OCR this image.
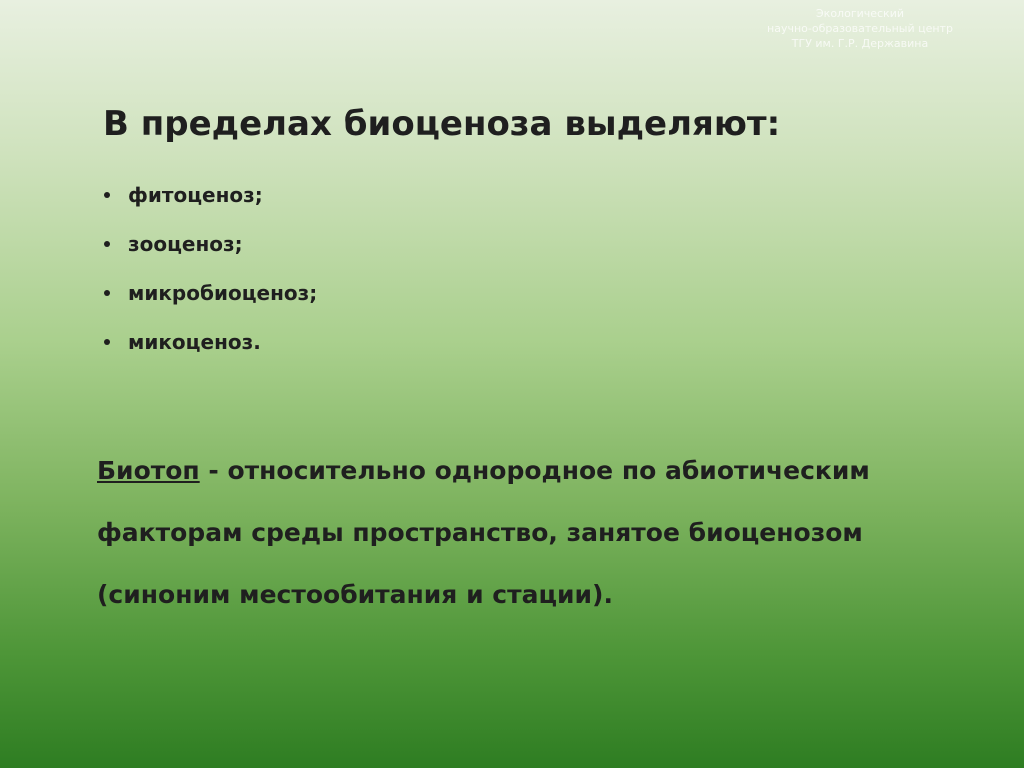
Экологический
научно-образовательный центр
ТГУ им. Г.Р. Державина
В пределах биоценоза выделяют:
фитоценоз;
зооценоз;
микробиоценоз;
микоценоз.
Биотоп - относительно однородное по абиотическим факторам среды пространство, занятое биоценозом (синоним местообитания и стации).
